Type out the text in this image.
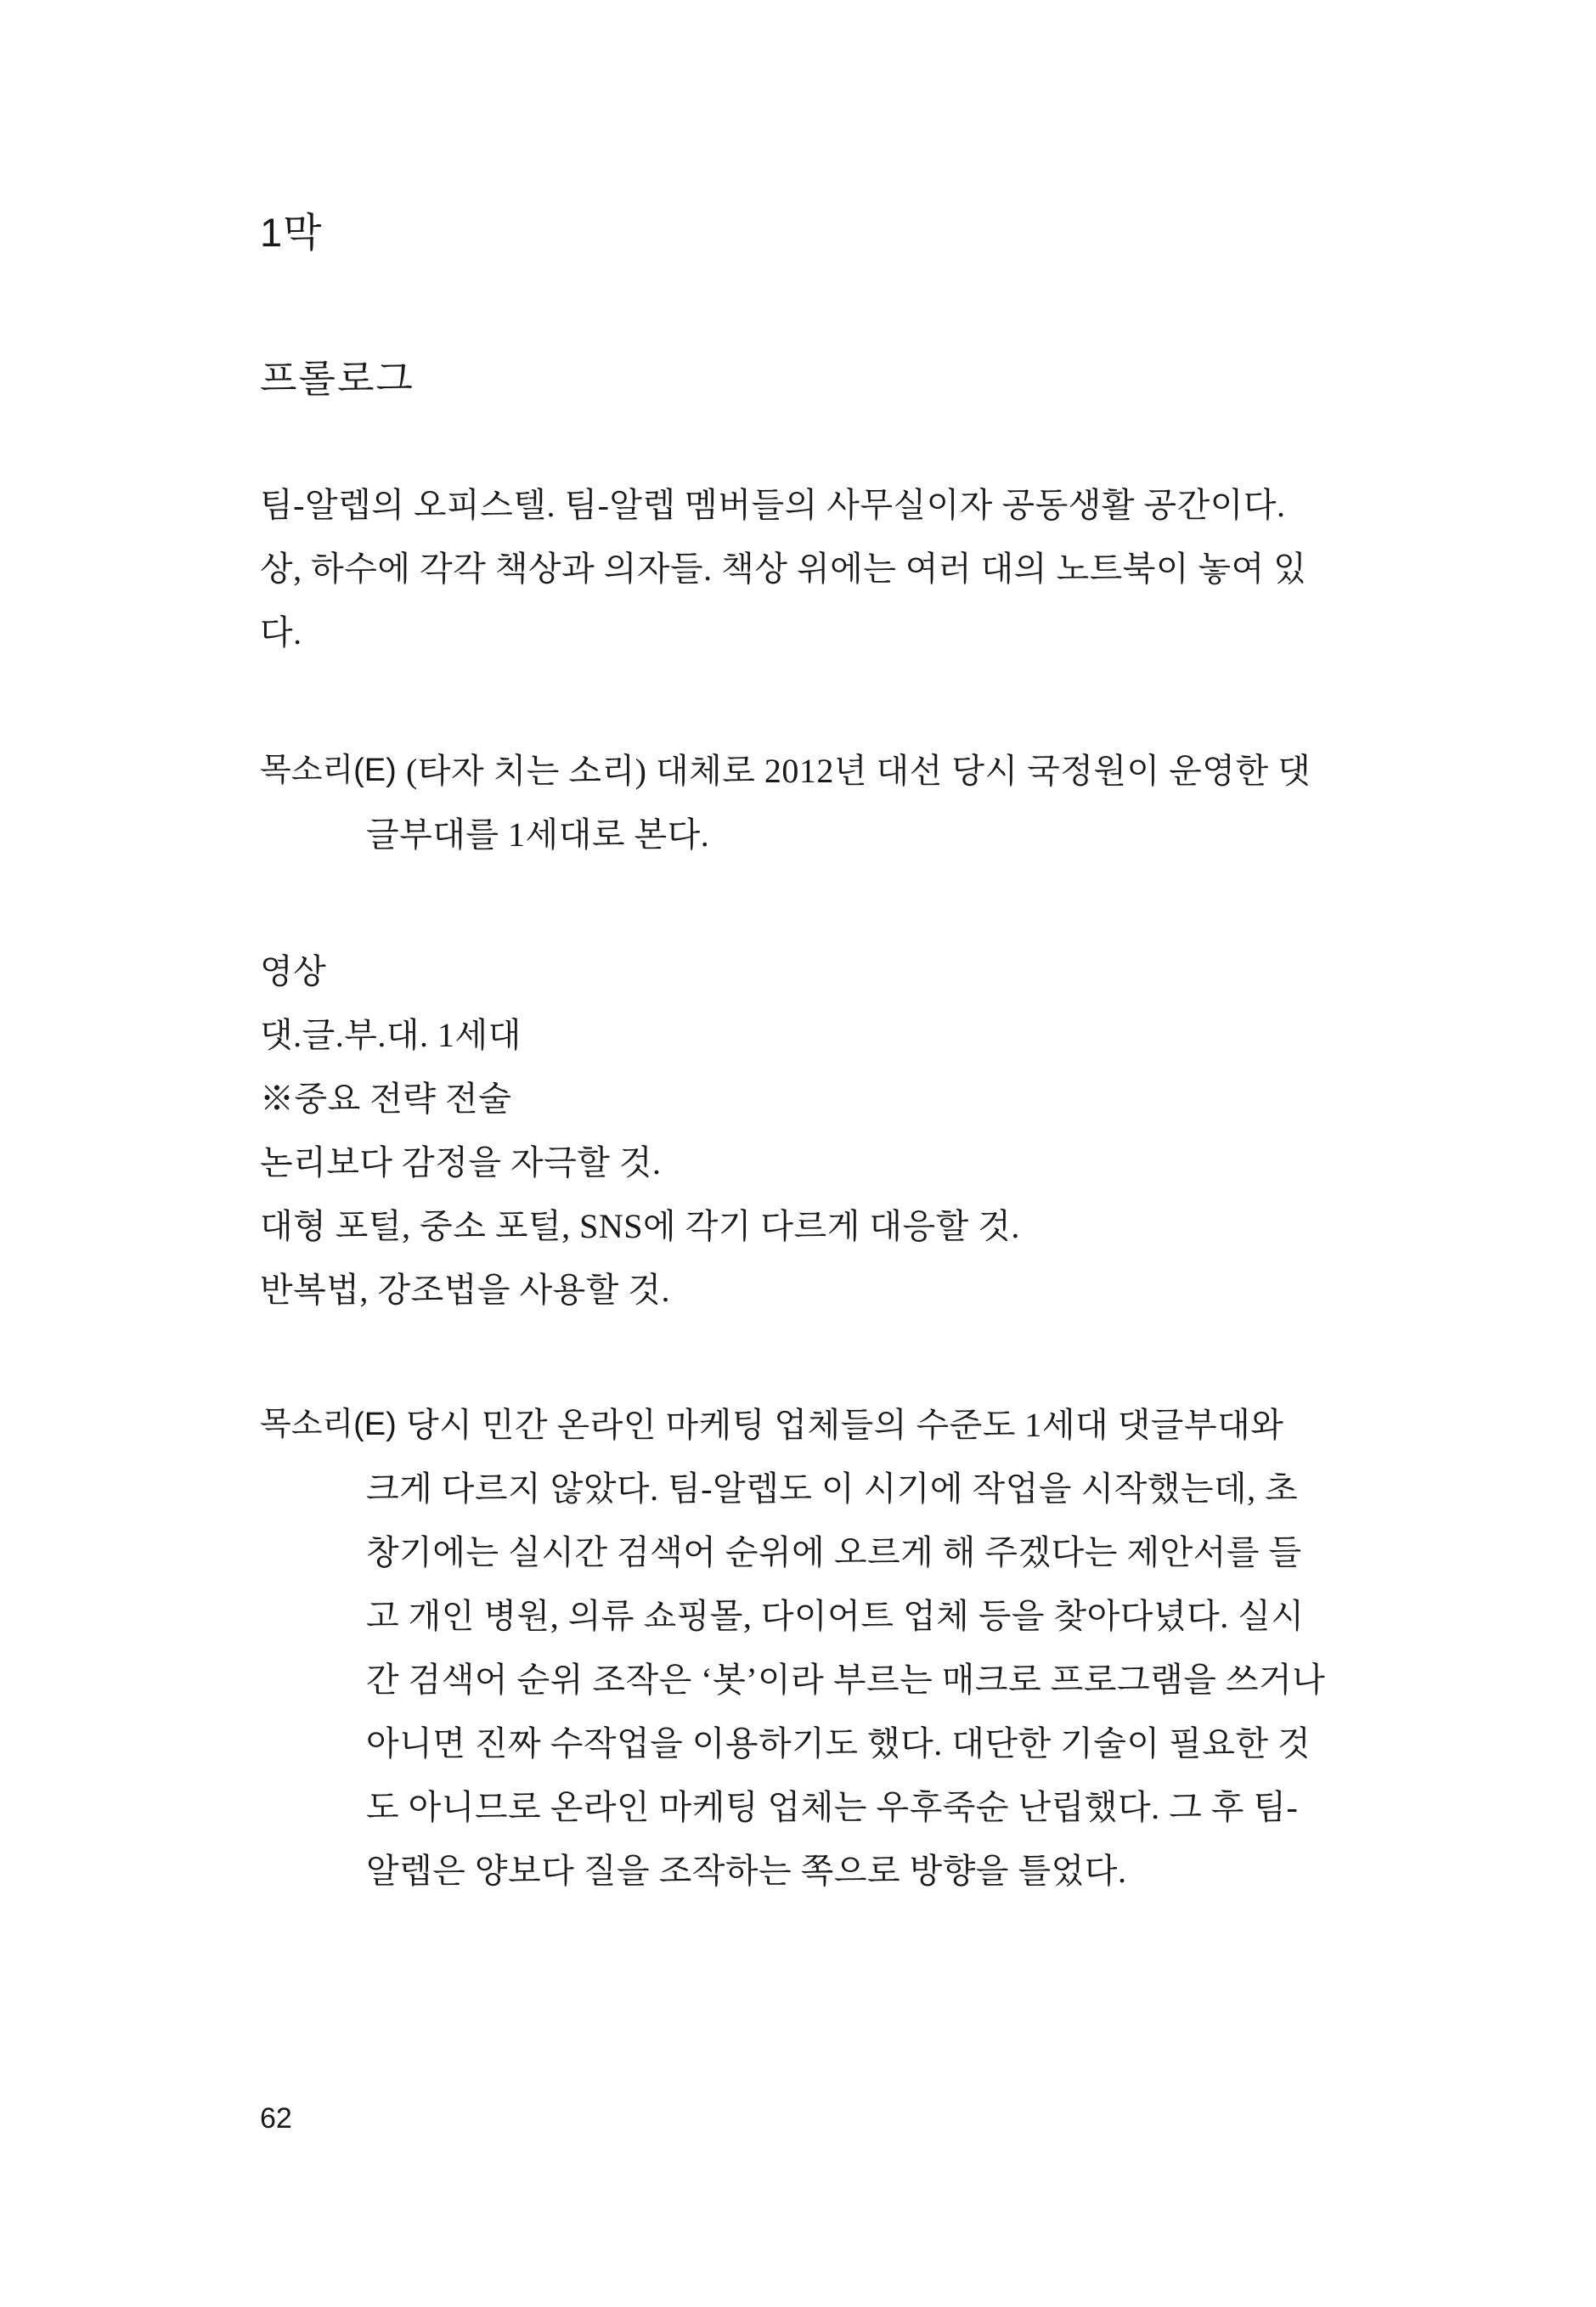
1막
프롤로그
팀-알렙의 오피스텔. 팀-알렙 멤버들의 사무실이자 공동생활 공간이다.
상, 하수에 각각 책상과 의자들. 책상 위에는 여러 대의 노트북이 놓여 있
다.
목소리(E) (타자 치는 소리) 대체로 2012년 대선 당시 국정원이 운영한 댓
글부대를 1세대로 본다.
영상
댓.글.부.대. 1세대
※중요 전략 전술
논리보다 감정을 자극할 것.
대형 포털, 중소 포털, SNS에 각기 다르게 대응할 것.
반복법, 강조법을 사용할 것.
목소리(E) 당시 민간 온라인 마케팅 업체들의 수준도 1세대 댓글부대와
크게 다르지 않았다. 팀-알렙도 이 시기에 작업을 시작했는데, 초
창기에는 실시간 검색어 순위에 오르게 해 주겠다는 제안서를 들
고 개인 병원, 의류 쇼핑몰, 다이어트 업체 등을 찾아다녔다. 실시
간 검색어 순위 조작은 ‘봇’이라 부르는 매크로 프로그램을 쓰거나
아니면 진짜 수작업을 이용하기도 했다. 대단한 기술이 필요한 것
도 아니므로 온라인 마케팅 업체는 우후죽순 난립했다. 그 후 팀-
알렙은 양보다 질을 조작하는 쪽으로 방향을 틀었다.
62
